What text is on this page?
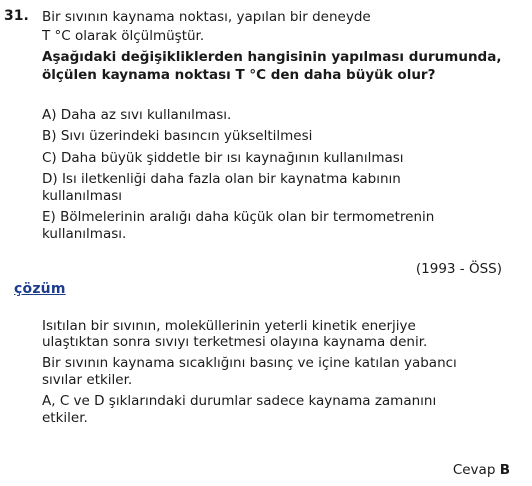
31. Bir sıvının kaynama noktası, yapılan bir deneyde
T °C olarak ölçülmüştür.
Aşağıdaki değişikliklerden hangisinin yapılması durumunda,
ölçülen kaynama noktası T °C den daha büyük olur?
A) Daha az sıvı kullanılması.
B) Sıvı üzerindeki basıncın yükseltilmesi
C) Daha büyük şiddetle bir ısı kaynağının kullanılması
D) Isı iletkenliği daha fazla olan bir kaynatma kabının
kullanılması
E) Bölmelerinin aralığı daha küçük olan bir termometrenin
kullanılması.
(1993 - ÖSS)
çözüm
Isıtılan bir sıvının, moleküllerinin yeterli kinetik enerjiye
ulaştıktan sonra sıvıyı terketmesi olayına kaynama denir.
Bir sıvının kaynama sıcaklığını basınç ve içine katılan yabancı
sıvılar etkiler.
A, C ve D şıklarındaki durumlar sadece kaynama zamanını
etkiler.
Cevap B
